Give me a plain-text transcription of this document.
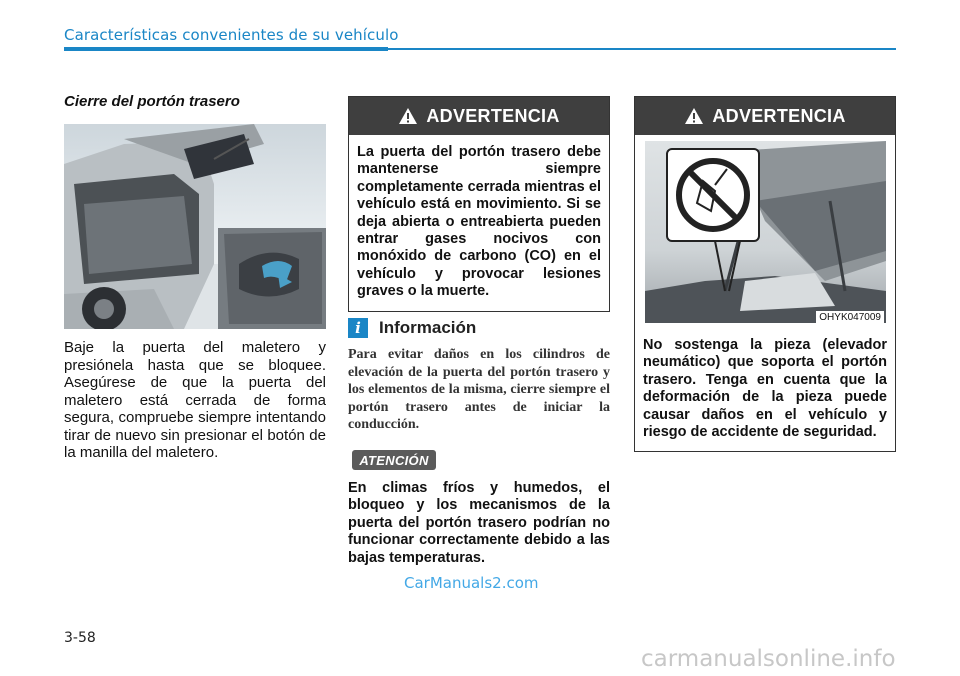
Características convenientes de su vehículo
Cierre del portón trasero
Baje la puerta del maletero y presiónela hasta que se bloquee. Asegúrese de que la puerta del maletero está cerrada de forma segura, compruebe siempre intentando tirar de nuevo sin presionar el botón de la manilla del maletero.
ADVERTENCIA
La puerta del portón trasero debe mantenerse siempre completamente cerrada mientras el vehículo está en movimiento. Si se deja abierta o entreabierta pueden entrar gases nocivos con monóxido de carbono (CO) en el vehículo y provocar lesiones graves o la muerte.
i	Información
Para evitar daños en los cilindros de elevación de la puerta del portón trasero y los elementos de la misma, cierre siempre el portón trasero antes de iniciar la conducción.
ATENCIÓN
En climas fríos y humedos, el bloqueo y los mecanismos de la puerta del portón trasero podrían no funcionar correctamente debido a las bajas temperaturas.
ADVERTENCIA
OHYK047009
No sostenga la pieza (elevador neumático) que soporta el portón trasero. Tenga en cuenta que la deformación de la pieza puede causar daños en el vehículo y riesgo de accidente de seguridad.
CarManuals2.com
3-58
carmanualsonline.info
